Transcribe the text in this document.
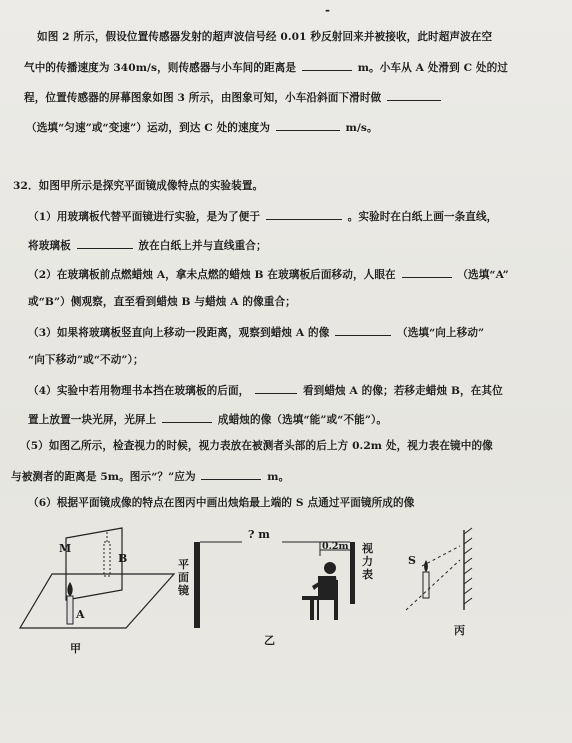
-
如图 2 所示，假设位置传感器发射的超声波信号经 0.01 秒反射回来并被接收，此时超声波在空
气中的传播速度为 340m/s，则传感器与小车间的距离是	m。小车从 A 处滑到 C 处的过
程，位置传感器的屏幕图象如图 3 所示，由图象可知，小车沿斜面下滑时做
（选填“匀速”或“变速”）运动，到达 C 处的速度为	m/s。
32．如图甲所示是探究平面镜成像特点的实验装置。
（1）用玻璃板代替平面镜进行实验，是为了便于	。实验时在白纸上画一条直线，
将玻璃板	放在白纸上并与直线重合；
（2）在玻璃板前点燃蜡烛 A，拿未点燃的蜡烛 B 在玻璃板后面移动，人眼在	（选填“A”
或“B”）侧观察，直至看到蜡烛 B 与蜡烛 A 的像重合；
（3）如果将玻璃板竖直向上移动一段距离，观察到蜡烛 A 的像	（选填“向上移动”
“向下移动”或“不动”）；
（4）实验中若用物理书本挡在玻璃板的后面，	看到蜡烛 A 的像；若移走蜡烛 B，在其位
置上放置一块光屏，光屏上	成蜡烛的像（选填“能”或“不能”）。
（5）如图乙所示，检查视力的时候，视力表放在被测者头部的后上方 0.2m 处，视力表在镜中的像
与被测者的距离是 5m。图示“？”应为	m。
（6）根据平面镜成像的特点在图丙中画出烛焰最上端的 S 点通过平面镜所成的像
M
B
A
甲
? m
0.2m
平
面
镜
视
力
表
乙
S
丙
